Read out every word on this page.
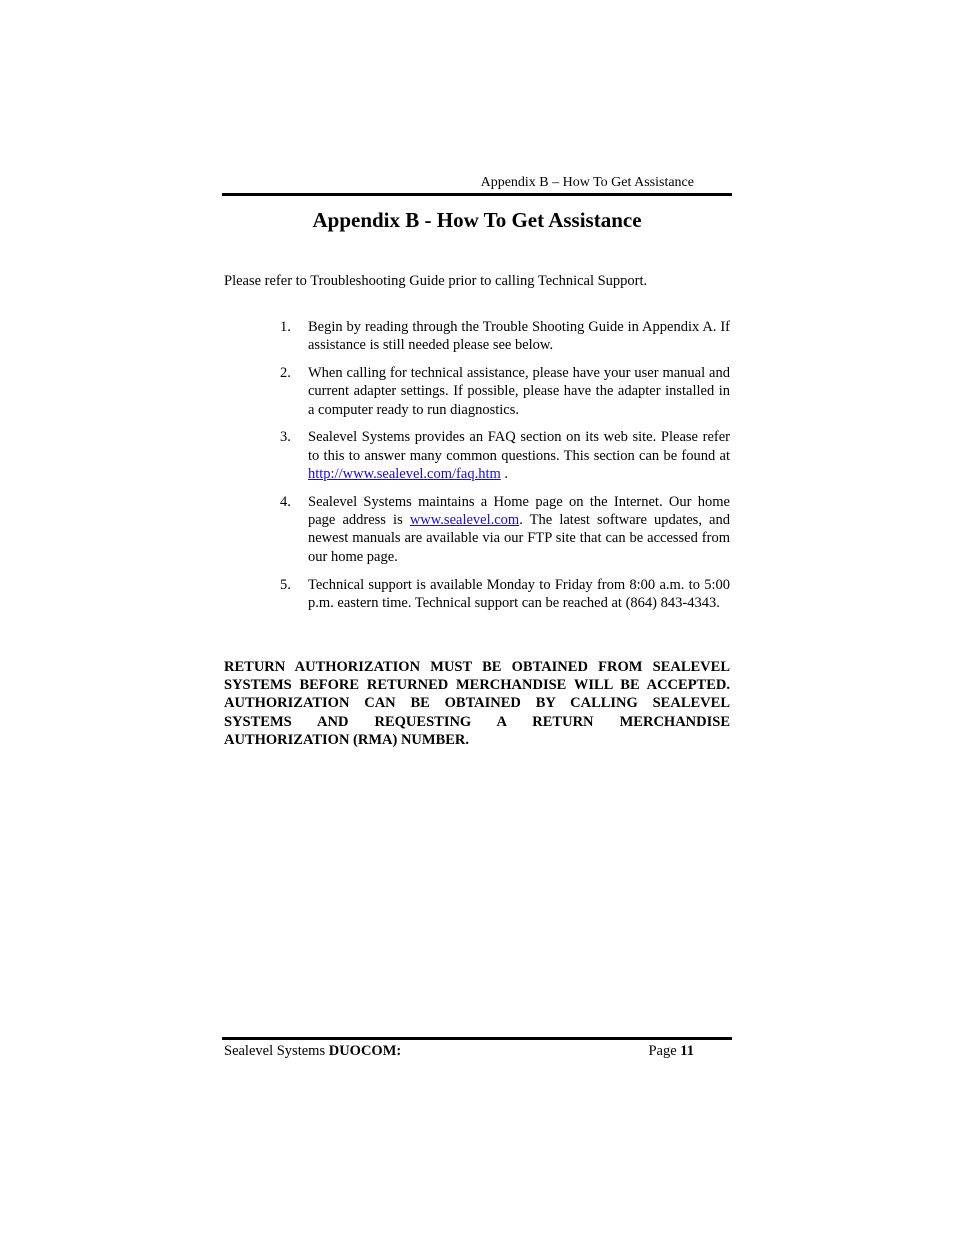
Appendix B – How To Get Assistance
Appendix B - How To Get Assistance

Please refer to Troubleshooting Guide prior to calling Technical Support.

1.	Begin by reading through the Trouble Shooting Guide in Appendix A. If assistance is still needed please see below.
2.	When calling for technical assistance, please have your user manual and current adapter settings. If possible, please have the adapter installed in a computer ready to run diagnostics.
3.	Sealevel Systems provides an FAQ section on its web site. Please refer to this to answer many common questions. This section can be found at http://www.sealevel.com/faq.htm .
4.	Sealevel Systems maintains a Home page on the Internet. Our home page address is www.sealevel.com. The latest software updates, and newest manuals are available via our FTP site that can be accessed from our home page.
5.	Technical support is available Monday to Friday from 8:00 a.m. to 5:00 p.m. eastern time. Technical support can be reached at (864) 843-4343.

RETURN AUTHORIZATION MUST BE OBTAINED FROM SEALEVEL SYSTEMS BEFORE RETURNED MERCHANDISE WILL BE ACCEPTED. AUTHORIZATION CAN BE OBTAINED BY CALLING SEALEVEL SYSTEMS AND REQUESTING A RETURN MERCHANDISE AUTHORIZATION (RMA) NUMBER.

Sealevel Systems DUOCOM:	Page 11
